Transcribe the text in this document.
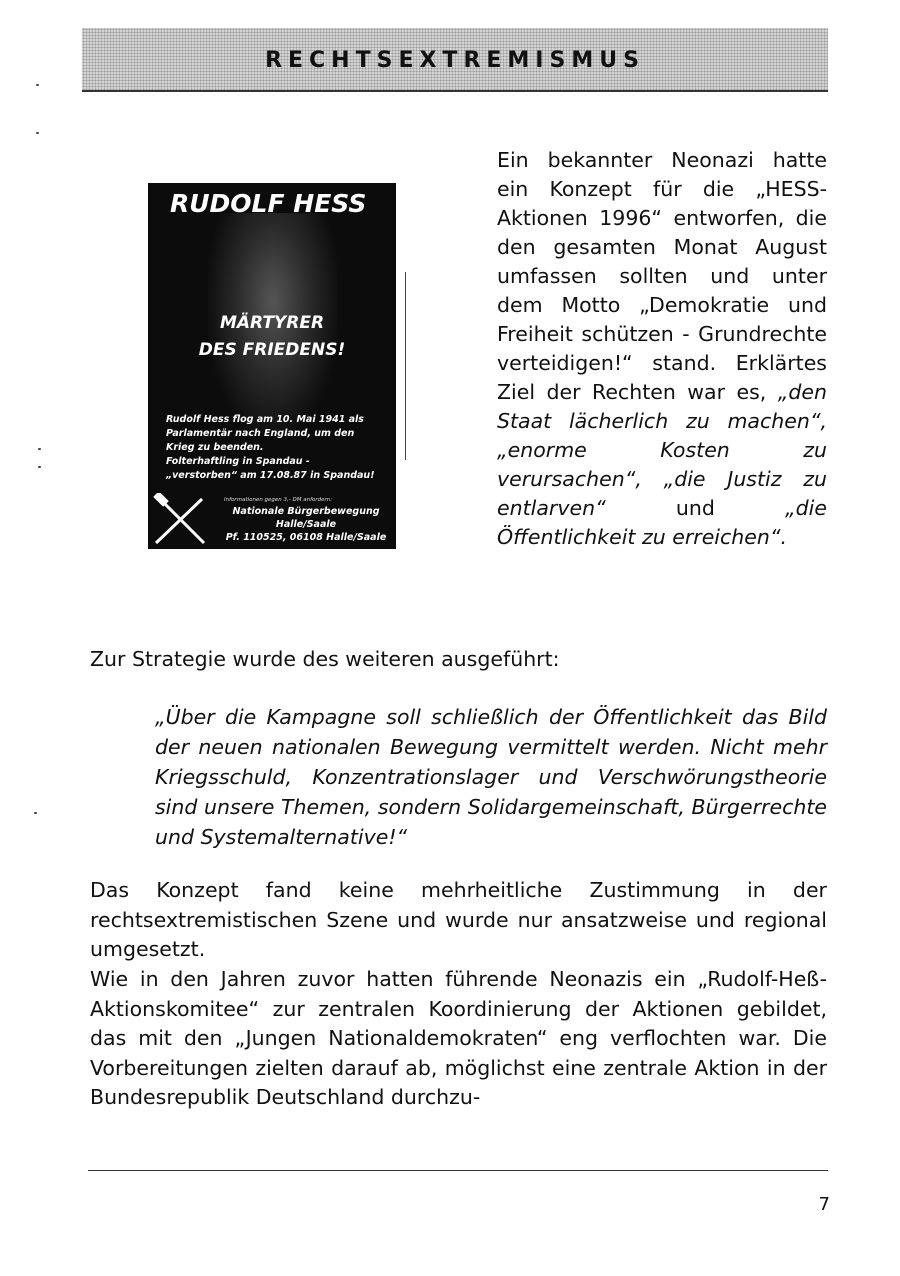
RECHTSEXTREMISMUS
RUDOLF HESS
MÄRTYRER
DES FRIEDENS!
Rudolf Hess flog am 10. Mai 1941 als
Parlamentär nach England, um den
Krieg zu beenden.
Folterhaftling in Spandau -
„verstorben“ am 17.08.87 in Spandau!
Informationen gegen 3,- DM anfordern:
Nationale Bürgerbewegung
Halle/Saale
Pf. 110525, 06108 Halle/Saale

Ein bekannter Neonazi hatte ein Konzept für die „HESS-Aktionen 1996“ entworfen, die den gesamten Monat August umfassen sollten und unter dem Motto „Demokratie und Freiheit schützen - Grundrechte verteidigen!“ stand. Erklärtes Ziel der Rechten war es, „den Staat lächerlich zu machen“, „enorme Kosten zu verursachen“, „die Justiz zu entlarven“ und „die Öffentlichkeit zu erreichen“.

Zur Strategie wurde des weiteren ausgeführt:

„Über die Kampagne soll schließlich der Öffentlichkeit das Bild der neuen nationalen Bewegung vermittelt werden. Nicht mehr Kriegsschuld, Konzentrationslager und Verschwörungstheorie sind unsere Themen, sondern Solidargemeinschaft, Bürgerrechte und Systemalternative!“

Das Konzept fand keine mehrheitliche Zustimmung in der rechtsextremistischen Szene und wurde nur ansatzweise und regional umgesetzt.

Wie in den Jahren zuvor hatten führende Neonazis ein „Rudolf-Heß-Aktionskomitee“ zur zentralen Koordinierung der Aktionen gebildet, das mit den „Jungen Nationaldemokraten“ eng verflochten war. Die Vorbereitungen zielten darauf ab, möglichst eine zentrale Aktion in der Bundesrepublik Deutschland durchzu-

7
